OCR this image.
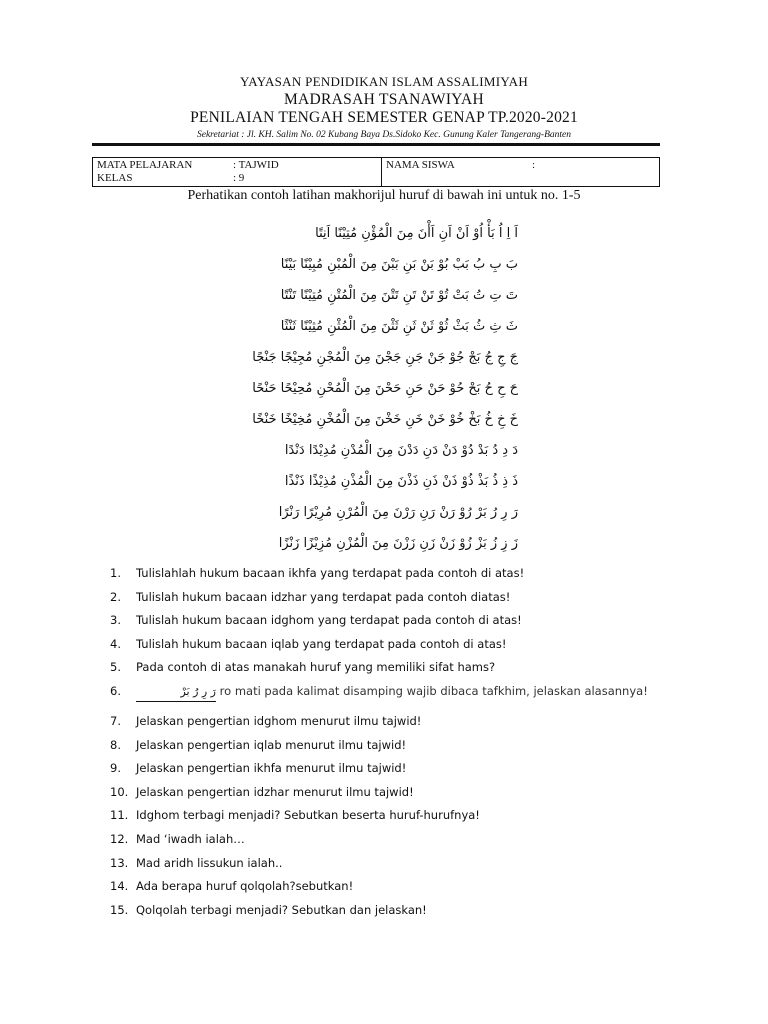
YAYASAN PENDIDIKAN ISLAM ASSALIMIYAH
MADRASAH TSANAWIYAH
PENILAIAN TENGAH SEMESTER GENAP TP.2020-2021
Sekretariat : Jl. KH. Salim No. 02 Kubang Baya Ds.Sidoko Kec. Gunung Kaler Tangerang-Banten
MATA PELAJARAN	: TAJWID
KELAS	: 9
NAMA SISWA	:
Perhatikan contoh latihan makhorijul huruf di bawah ini untuk no. 1-5
اَ اِ اُ بَأْ اُوْ اَنْ اَنِ اَأْنَ مِنَ الْمُؤْنِ مُتِيْنًا اَنِتًا
بَ بِ بُ بَبْ بُوْ بَنْ بَنِ بَبْنَ مِنَ الْمُبْنِ مُبِيْنًا بَيْنًا
تَ تِ تُ بَتْ تُوْ تَنْ تَنِ تَتْنَ مِنَ الْمُتْنِ مُتِيْنًا تَنْتًا
ثَ ثِ ثُ بَثْ ثُوْ ثَنْ ثَنِ ثَثْنَ مِنَ الْمُثْنِ مُثِيْنًا ثَنْثًا
جَ جِ جُ بَجْ جُوْ جَنْ جَنِ جَجْنَ مِنَ الْمُجْنِ مُجِيْجًا جَنْجًا
حَ حِ حُ بَحْ حُوْ حَنْ حَنِ حَحْنَ مِنَ الْمُحْنِ مُحِيْحًا حَنْحًا
خَ خِ خُ بَخْ خُوْ خَنْ خَنِ خَخْنَ مِنَ الْمُخْنِ مُخِيْخًا خَنْخًا
دَ دِ دُ بَدْ دُوْ دَنْ دَنِ دَدْنَ مِنَ الْمُدْنِ مُدِيْدًا دَنْدًا
ذَ ذِ ذُ بَذْ ذُوْ ذَنْ ذَنِ ذَذْنَ مِنَ الْمُذْنِ مُذِيْذًا ذَنْذًا
رَ رِ رُ بَرْ رُوْ رَنْ رَنِ رَرْنَ مِنَ الْمُرْنِ مُرِيْرًا رَنْرًا
زَ زِ زُ بَزْ زُوْ زَنْ زَنِ زَزْنَ مِنَ الْمُزْنِ مُزِيْزًا زَنْزًا
1. Tulislahlah hukum bacaan ikhfa yang terdapat pada contoh di atas!
2. Tulislah hukum bacaan idzhar yang terdapat pada contoh diatas!
3. Tulislah hukum bacaan idghom yang terdapat pada contoh di atas!
4. Tulislah hukum bacaan iqlab yang terdapat pada contoh di atas!
5. Pada contoh di atas manakah huruf yang memiliki sifat hams?
6.	رَ رِ رُ بَرْ ro mati pada kalimat disamping wajib dibaca tafkhim, jelaskan alasannya!
7. Jelaskan pengertian idghom menurut ilmu tajwid!
8. Jelaskan pengertian iqlab menurut ilmu tajwid!
9. Jelaskan pengertian ikhfa menurut ilmu tajwid!
10. Jelaskan pengertian idzhar menurut ilmu tajwid!
11. Idghom terbagi menjadi? Sebutkan beserta huruf-hurufnya!
12. Mad ‘iwadh ialah…
13. Mad aridh lissukun ialah..
14. Ada berapa huruf qolqolah?sebutkan!
15. Qolqolah terbagi menjadi? Sebutkan dan jelaskan!
